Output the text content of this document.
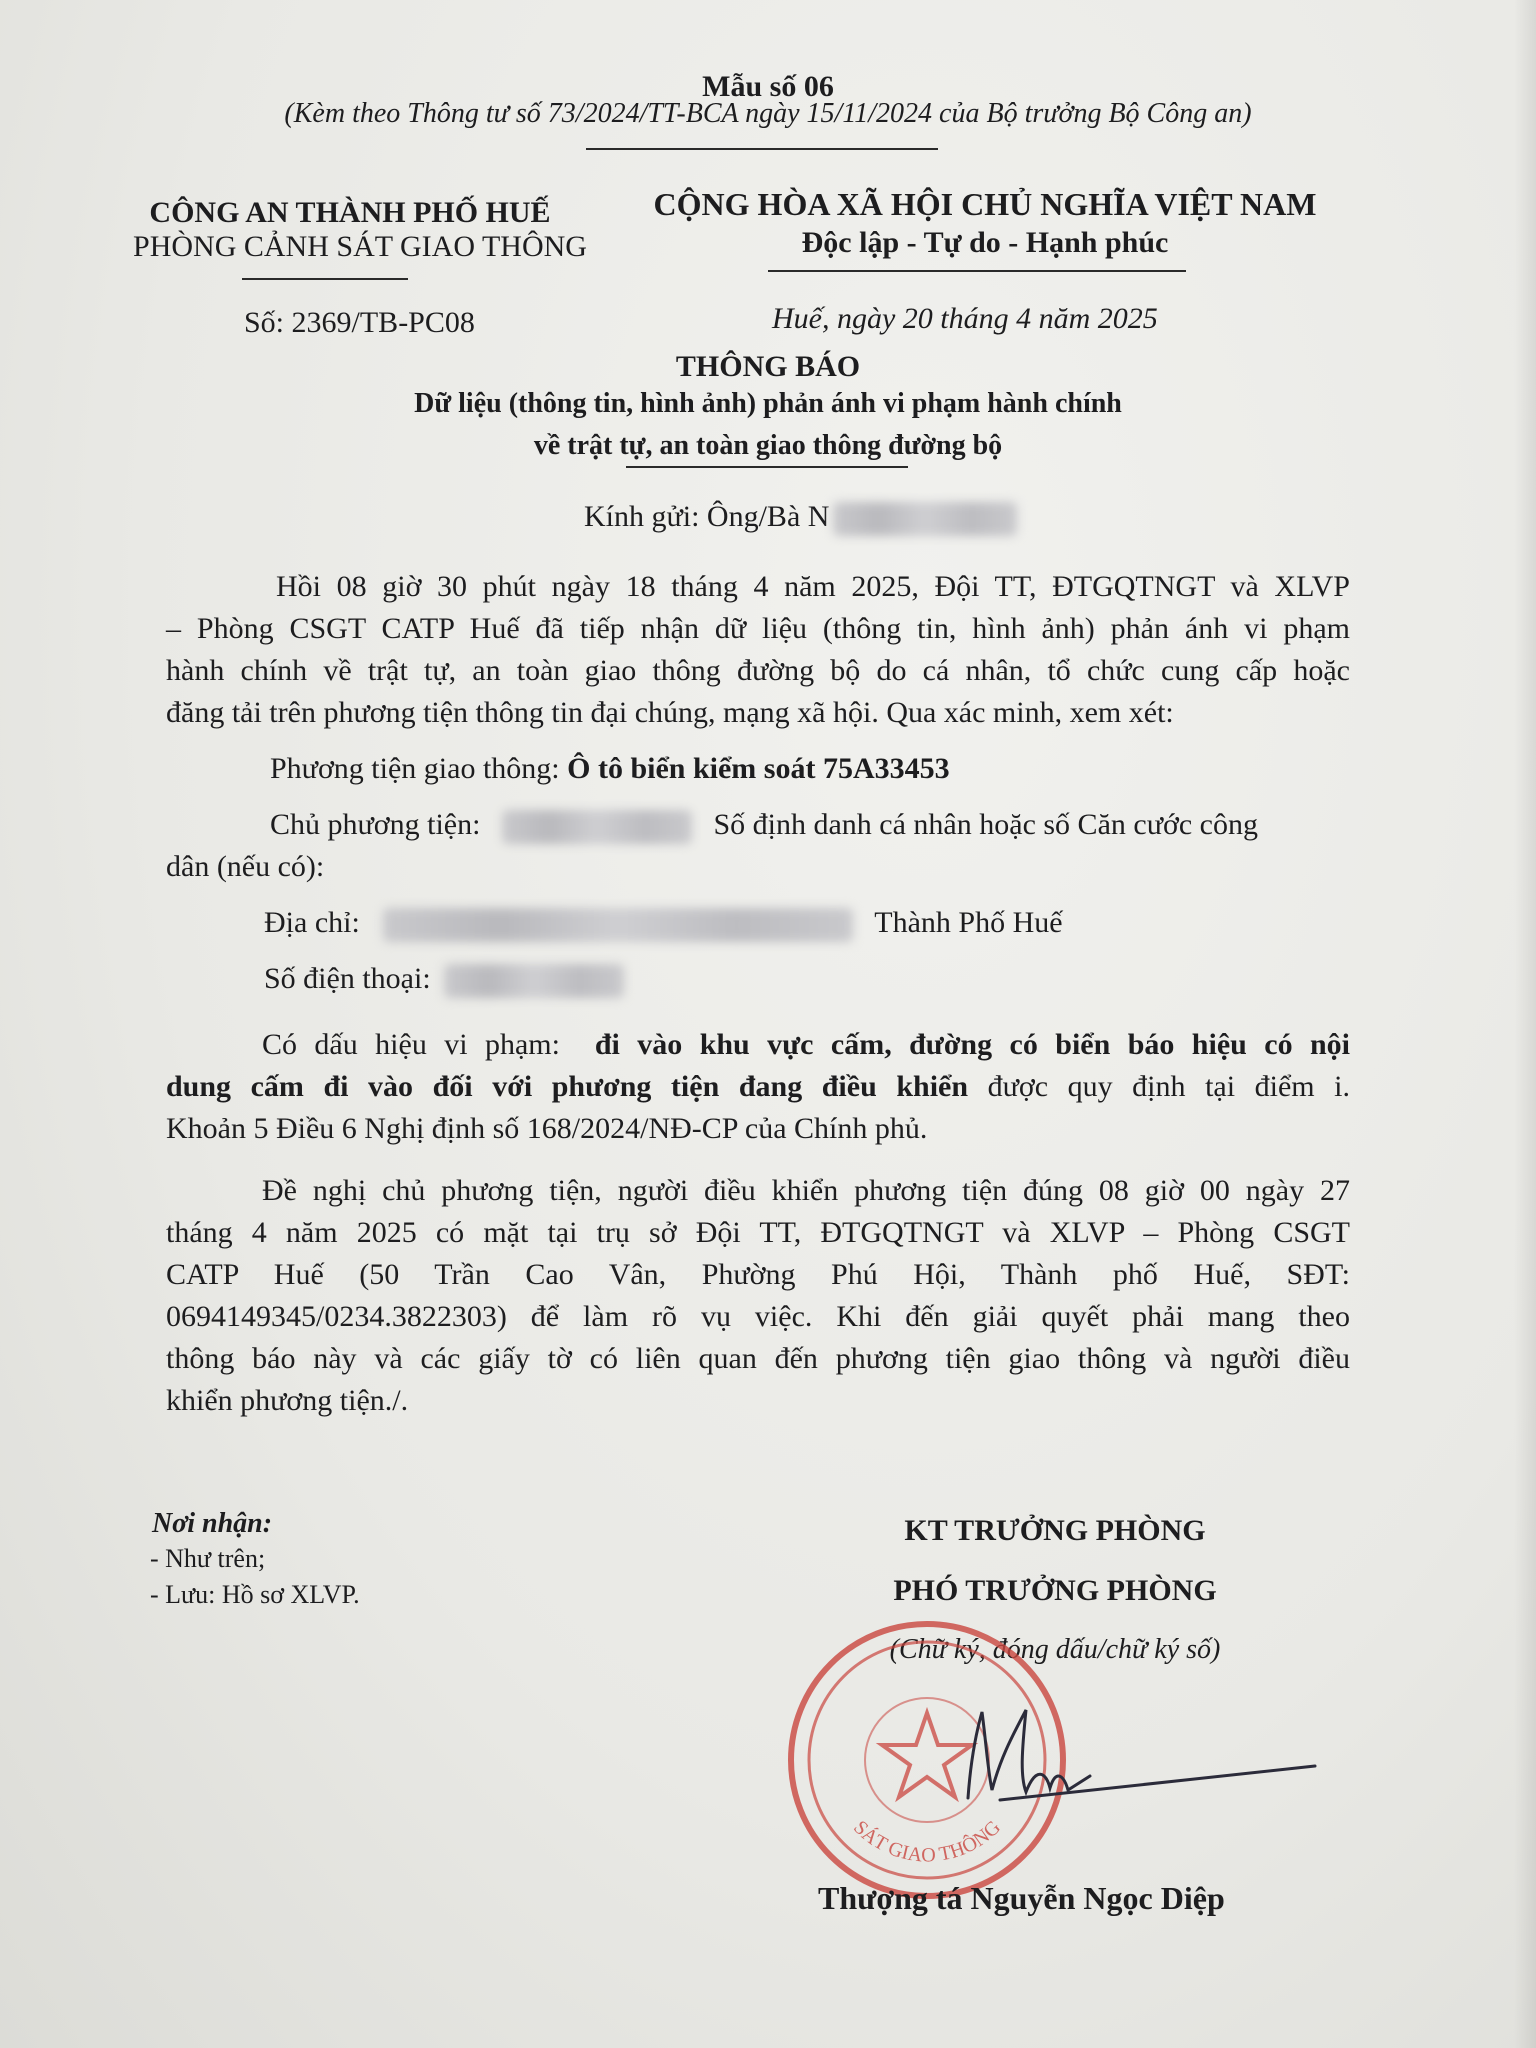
Mẫu số 06
(Kèm theo Thông tư số 73/2024/TT-BCA ngày 15/11/2024 của Bộ trưởng Bộ Công an)
CÔNG AN THÀNH PHỐ HUẾ
PHÒNG CẢNH SÁT GIAO THÔNG
CỘNG HÒA XÃ HỘI CHỦ NGHĨA VIỆT NAM
Độc lập - Tự do - Hạnh phúc
Số: 2369/TB-PC08	Huế, ngày 20 tháng 4 năm 2025
THÔNG BÁO
Dữ liệu (thông tin, hình ảnh) phản ánh vi phạm hành chính
về trật tự, an toàn giao thông đường bộ
Kính gửi: Ông/Bà N
Hồi 08 giờ 30 phút ngày 18 tháng 4 năm 2025, Đội TT, ĐTGQTNGT và XLVP
– Phòng CSGT CATP Huế đã tiếp nhận dữ liệu (thông tin, hình ảnh) phản ánh vi phạm
hành chính về trật tự, an toàn giao thông đường bộ do cá nhân, tổ chức cung cấp hoặc
đăng tải trên phương tiện thông tin đại chúng, mạng xã hội. Qua xác minh, xem xét:
Phương tiện giao thông: Ô tô biển kiểm soát 75A33453
Chủ phương tiện:	Số định danh cá nhân hoặc số Căn cước công
dân (nếu có):
Địa chỉ:	Thành Phố Huế
Số điện thoại:
Có dấu hiệu vi phạm: đi vào khu vực cấm, đường có biển báo hiệu có nội
dung cấm đi vào đối với phương tiện đang điều khiển được quy định tại điểm i.
Khoản 5 Điều 6 Nghị định số 168/2024/NĐ-CP của Chính phủ.
Đề nghị chủ phương tiện, người điều khiển phương tiện đúng 08 giờ 00 ngày 27
tháng 4 năm 2025 có mặt tại trụ sở Đội TT, ĐTGQTNGT và XLVP – Phòng CSGT
CATP Huế (50 Trần Cao Vân, Phường Phú Hội, Thành phố Huế, SĐT:
0694149345/0234.3822303) để làm rõ vụ việc. Khi đến giải quyết phải mang theo
thông báo này và các giấy tờ có liên quan đến phương tiện giao thông và người điều
khiển phương tiện./.
Nơi nhận:
- Như trên;
- Lưu: Hồ sơ XLVP.
KT TRƯỞNG PHÒNG
PHÓ TRƯỞNG PHÒNG
(Chữ ký, đóng dấu/chữ ký số)
SÁT GIAO THÔNG
Thượng tá Nguyễn Ngọc Diệp
